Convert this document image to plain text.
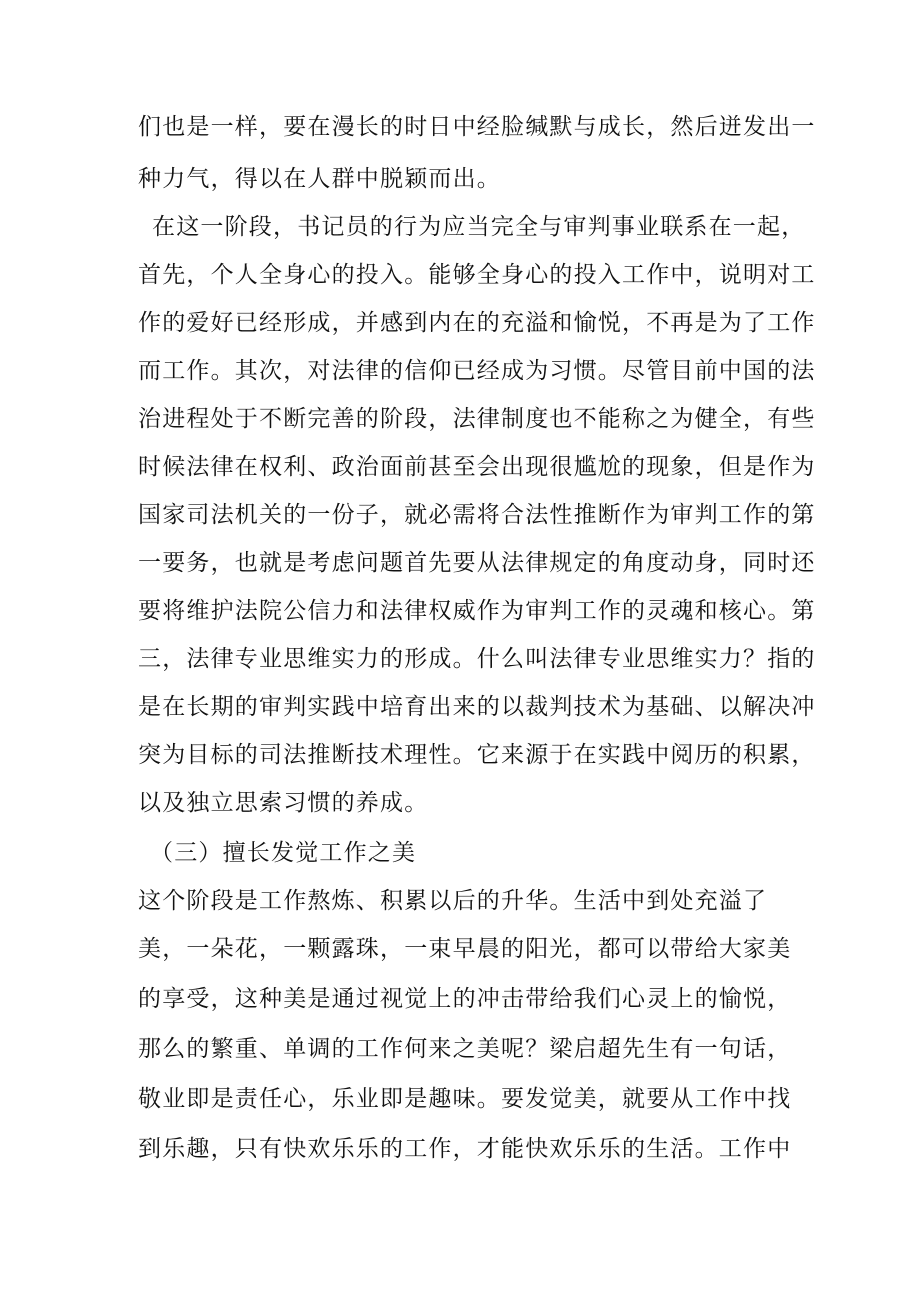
们也是一样，要在漫长的时日中经脸缄默与成长，然后迸发出一
种力气，得以在人群中脱颖而出。
在这一阶段，书记员的行为应当完全与审判事业联系在一起，
首先，个人全身心的投入。能够全身心的投入工作中，说明对工
作的爱好已经形成，并感到内在的充溢和愉悦，不再是为了工作
而工作。其次，对法律的信仰已经成为习惯。尽管目前中国的法
治进程处于不断完善的阶段，法律制度也不能称之为健全，有些
时候法律在权利、政治面前甚至会出现很尴尬的现象，但是作为
国家司法机关的一份子，就必需将合法性推断作为审判工作的第
一要务，也就是考虑问题首先要从法律规定的角度动身，同时还
要将维护法院公信力和法律权威作为审判工作的灵魂和核心。第
三，法律专业思维实力的形成。什么叫法律专业思维实力？指的
是在长期的审判实践中培育出来的以裁判技术为基础、以解决冲
突为目标的司法推断技术理性。它来源于在实践中阅历的积累，
以及独立思索习惯的养成。
（三）擅长发觉工作之美
这个阶段是工作熬炼、积累以后的升华。生活中到处充溢了
美，一朵花，一颗露珠，一束早晨的阳光，都可以带给大家美
的享受，这种美是通过视觉上的冲击带给我们心灵上的愉悦，
那么的繁重、单调的工作何来之美呢？梁启超先生有一句话，
敬业即是责任心，乐业即是趣味。要发觉美，就要从工作中找
到乐趣，只有快欢乐乐的工作，才能快欢乐乐的生活。工作中
